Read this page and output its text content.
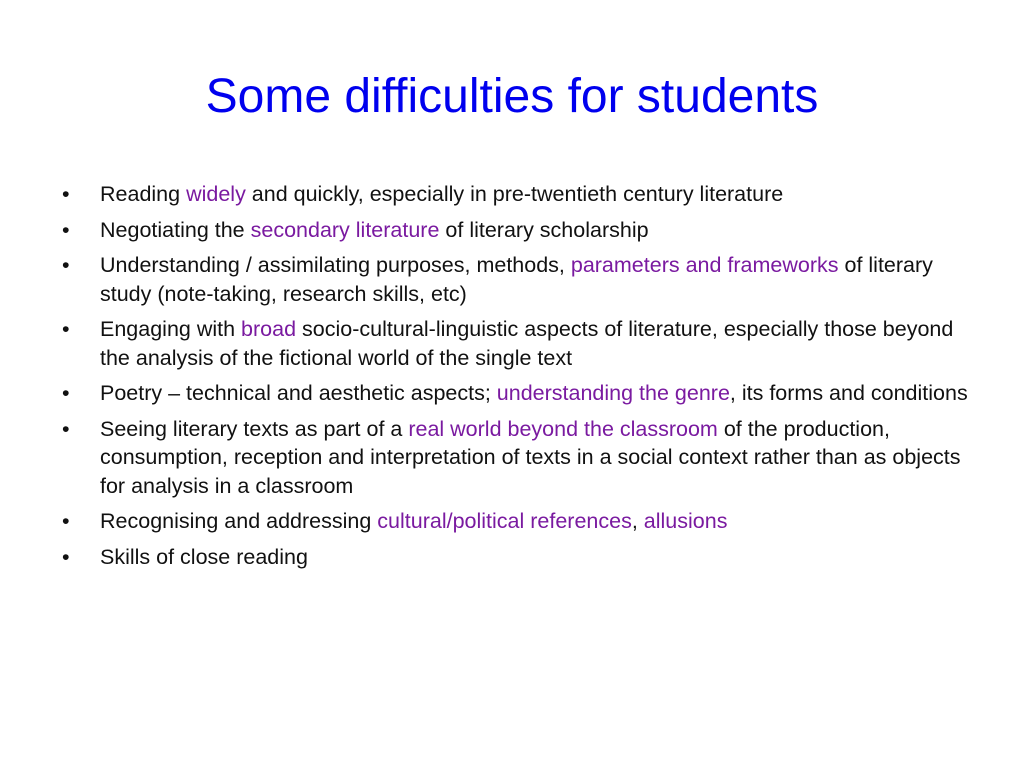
Some difficulties for students
•	Reading widely and quickly, especially in pre-twentieth century literature
•	Negotiating the secondary literature of literary scholarship
•	Understanding / assimilating purposes, methods, parameters and frameworks of literary study (note-taking, research skills, etc)
•	Engaging with broad socio-cultural-linguistic aspects of literature, especially those beyond the analysis of the fictional world of the single text
•	Poetry – technical and aesthetic aspects; understanding the genre, its forms and conditions
•	Seeing literary texts as part of a real world beyond the classroom of the production, consumption, reception and interpretation of texts in a social context rather than as objects for analysis in a classroom
•	Recognising and addressing cultural/political references, allusions
•	Skills of close reading
